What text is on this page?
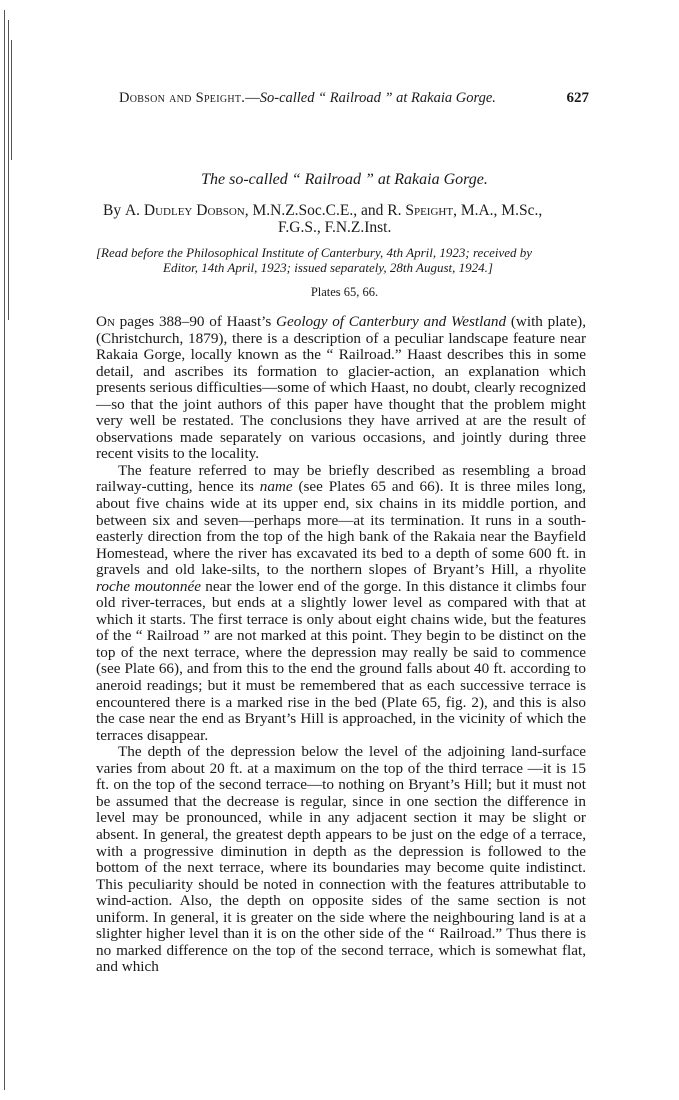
Dobson and Speight.—So-called “ Railroad ” at Rakaia Gorge.	627
The so-called “ Railroad ” at Rakaia Gorge.
By A. Dudley Dobson, M.N.Z.Soc.C.E., and R. Speight, M.A., M.Sc.,
F.G.S., F.N.Z.Inst.
[Read before the Philosophical Institute of Canterbury, 4th April, 1923; received by
Editor, 14th April, 1923; issued separately, 28th August, 1924.]
Plates 65, 66.

On pages 388–90 of Haast’s Geology of Canterbury and Westland (with plate), (Christchurch, 1879), there is a description of a peculiar landscape feature near Rakaia Gorge, locally known as the “ Railroad.” Haast describes this in some detail, and ascribes its formation to glacier-action, an explanation which presents serious difficulties—some of which Haast, no doubt, clearly recognized—so that the joint authors of this paper have thought that the problem might very well be restated. The conclusions they have arrived at are the result of observations made separately on various occasions, and jointly during three recent visits to the locality.

The feature referred to may be briefly described as resembling a broad railway-cutting, hence its name (see Plates 65 and 66). It is three miles long, about five chains wide at its upper end, six chains in its middle portion, and between six and seven—perhaps more—at its termination. It runs in a south-easterly direction from the top of the high bank of the Rakaia near the Bayfield Homestead, where the river has excavated its bed to a depth of some 600 ft. in gravels and old lake-silts, to the northern slopes of Bryant’s Hill, a rhyolite roche moutonnée near the lower end of the gorge. In this distance it climbs four old river-terraces, but ends at a slightly lower level as compared with that at which it starts. The first terrace is only about eight chains wide, but the features of the “ Railroad ” are not marked at this point. They begin to be distinct on the top of the next terrace, where the depression may really be said to commence (see Plate 66), and from this to the end the ground falls about 40 ft. according to aneroid readings; but it must be remembered that as each successive terrace is encountered there is a marked rise in the bed (Plate 65, fig. 2), and this is also the case near the end as Bryant’s Hill is approached, in the vicinity of which the terraces disappear.

The depth of the depression below the level of the adjoining land-surface varies from about 20 ft. at a maximum on the top of the third terrace —it is 15 ft. on the top of the second terrace—to nothing on Bryant’s Hill; but it must not be assumed that the decrease is regular, since in one section the difference in level may be pronounced, while in any adjacent section it may be slight or absent. In general, the greatest depth appears to be just on the edge of a terrace, with a progressive diminution in depth as the depression is followed to the bottom of the next terrace, where its boundaries may become quite indistinct. This peculiarity should be noted in connection with the features attributable to wind-action. Also, the depth on opposite sides of the same section is not uniform. In general, it is greater on the side where the neighbouring land is at a slighter higher level than it is on the other side of the “ Railroad.” Thus there is no marked difference on the top of the second terrace, which is somewhat flat, and which
